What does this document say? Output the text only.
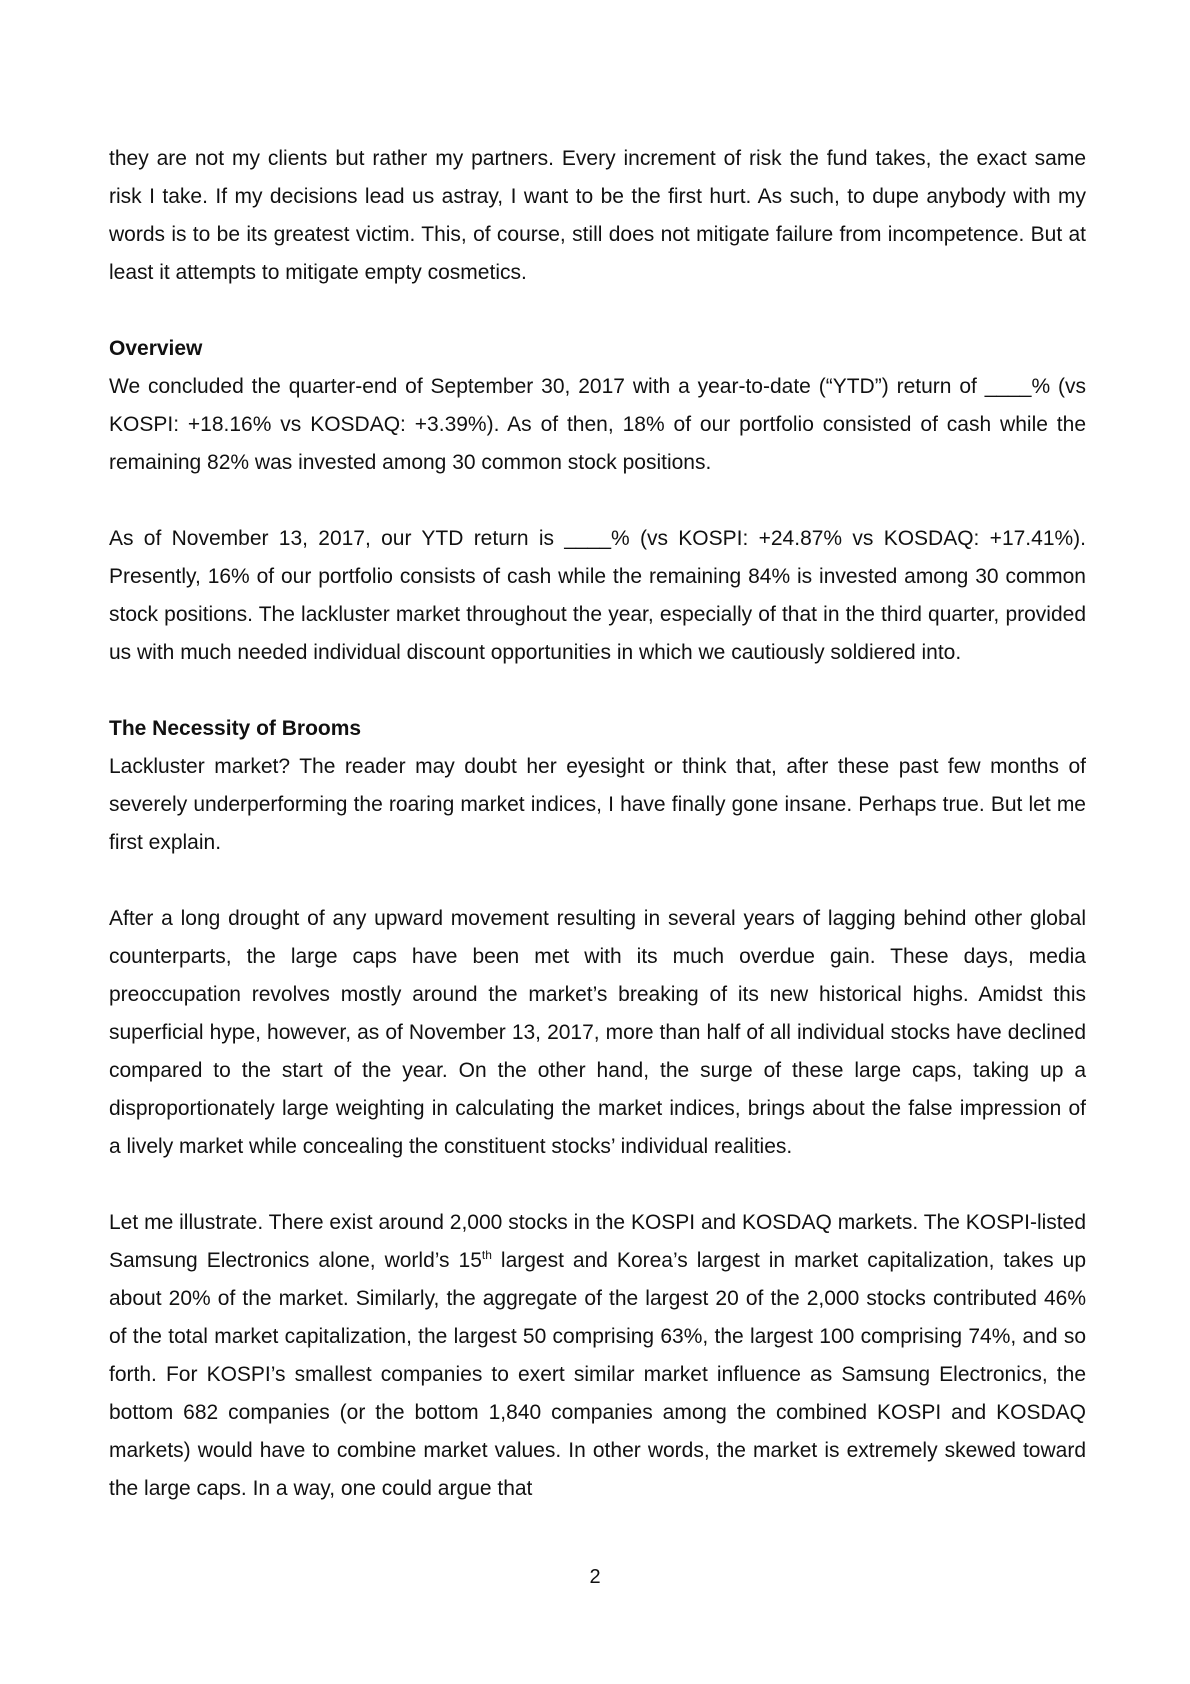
they are not my clients but rather my partners. Every increment of risk the fund takes, the exact same risk I take. If my decisions lead us astray, I want to be the first hurt. As such, to dupe anybody with my words is to be its greatest victim. This, of course, still does not mitigate failure from incompetence. But at least it attempts to mitigate empty cosmetics.

Overview

We concluded the quarter-end of September 30, 2017 with a year-to-date (“YTD”) return of ____% (vs KOSPI: +18.16% vs KOSDAQ: +3.39%). As of then, 18% of our portfolio consisted of cash while the remaining 82% was invested among 30 common stock positions.

As of November 13, 2017, our YTD return is ____% (vs KOSPI: +24.87% vs KOSDAQ: +17.41%). Presently, 16% of our portfolio consists of cash while the remaining 84% is invested among 30 common stock positions. The lackluster market throughout the year, especially of that in the third quarter, provided us with much needed individual discount opportunities in which we cautiously soldiered into.

The Necessity of Brooms

Lackluster market? The reader may doubt her eyesight or think that, after these past few months of severely underperforming the roaring market indices, I have finally gone insane. Perhaps true. But let me first explain.

After a long drought of any upward movement resulting in several years of lagging behind other global counterparts, the large caps have been met with its much overdue gain. These days, media preoccupation revolves mostly around the market’s breaking of its new historical highs. Amidst this superficial hype, however, as of November 13, 2017, more than half of all individual stocks have declined compared to the start of the year. On the other hand, the surge of these large caps, taking up a disproportionately large weighting in calculating the market indices, brings about the false impression of a lively market while concealing the constituent stocks’ individual realities.

Let me illustrate. There exist around 2,000 stocks in the KOSPI and KOSDAQ markets. The KOSPI-listed Samsung Electronics alone, world’s 15th largest and Korea’s largest in market capitalization, takes up about 20% of the market. Similarly, the aggregate of the largest 20 of the 2,000 stocks contributed 46% of the total market capitalization, the largest 50 comprising 63%, the largest 100 comprising 74%, and so forth. For KOSPI’s smallest companies to exert similar market influence as Samsung Electronics, the bottom 682 companies (or the bottom 1,840 companies among the combined KOSPI and KOSDAQ markets) would have to combine market values. In other words, the market is extremely skewed toward the large caps. In a way, one could argue that

2
